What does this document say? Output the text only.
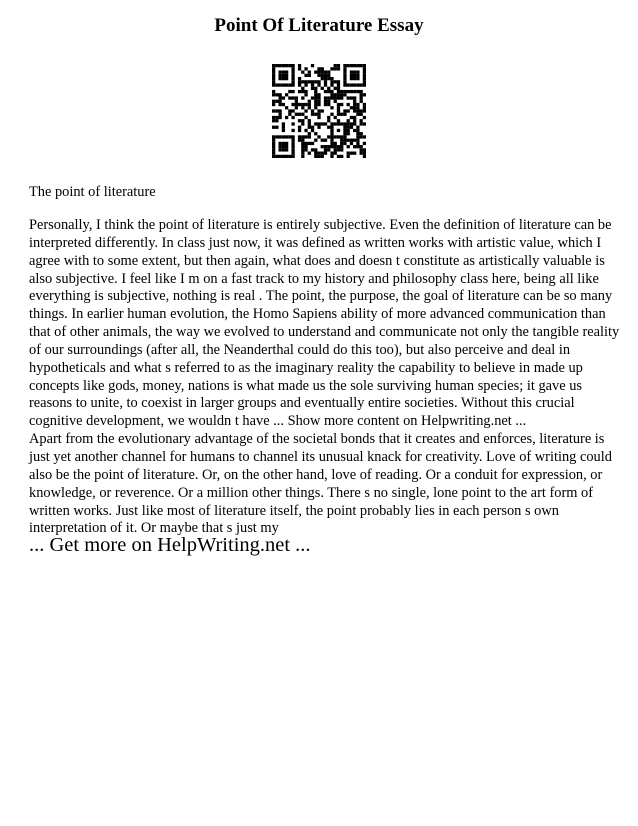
Point Of Literature Essay
The point of literature

Personally, I think the point of literature is entirely subjective. Even the definition of literature can be
interpreted differently. In class just now, it was defined as written works with artistic value, which I
agree with to some extent, but then again, what does and doesn t constitute as artistically valuable is
also subjective. I feel like I m on a fast track to my history and philosophy class here, being all like
everything is subjective, nothing is real . The point, the purpose, the goal of literature can be so many
things. In earlier human evolution, the Homo Sapiens ability of more advanced communication than
that of other animals, the way we evolved to understand and communicate not only the tangible reality
of our surroundings (after all, the Neanderthal could do this too), but also perceive and deal in
hypotheticals and what s referred to as the imaginary reality the capability to believe in made up
concepts like gods, money, nations is what made us the sole surviving human species; it gave us
reasons to unite, to coexist in larger groups and eventually entire societies. Without this crucial
cognitive development, we wouldn t have ... Show more content on Helpwriting.net ...

Apart from the evolutionary advantage of the societal bonds that it creates and enforces, literature is
just yet another channel for humans to channel its unusual knack for creativity. Love of writing could
also be the point of literature. Or, on the other hand, love of reading. Or a conduit for expression, or
knowledge, or reverence. Or a million other things. There s no single, lone point to the art form of
written works. Just like most of literature itself, the point probably lies in each person s own
interpretation of it. Or maybe that s just my

... Get more on HelpWriting.net ...
